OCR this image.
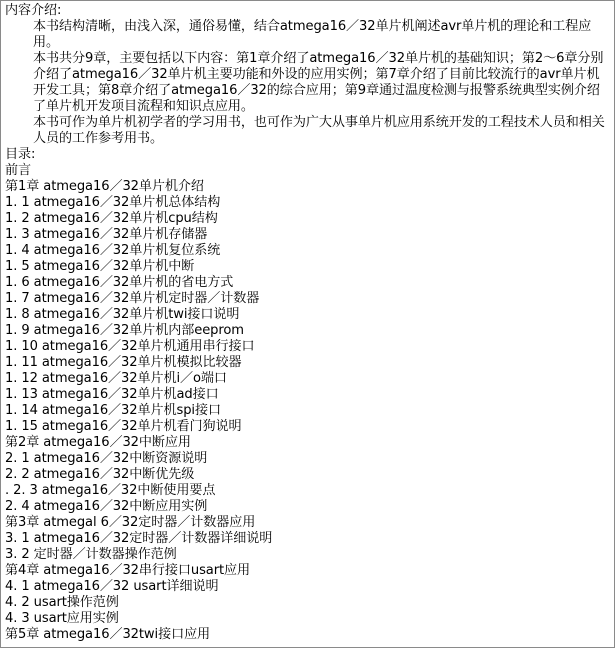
内容介绍:
本书结构清晰，由浅入深，通俗易懂，结合atmega16／32单片机阐述avr单片机的理论和工程应用。
本书共分9章，主要包括以下内容：第1章介绍了atmega16／32单片机的基础知识；第2～6章分别介绍了atmega16／32单片机主要功能和外设的应用实例；第7章介绍了目前比较流行的avr单片机开发工具；第8章介绍了atmega16／32的综合应用；第9章通过温度检测与报警系统典型实例介绍了单片机开发项目流程和知识点应用。
本书可作为单片机初学者的学习用书，也可作为广大从事单片机应用系统开发的工程技术人员和相关人员的工作参考用书。
目录:
前言
第1章 atmega16／32单片机介绍
1. 1 atmega16／32单片机总体结构
1. 2 atmega16／32单片机cpu结构
1. 3 atmega16／32单片机存储器
1. 4 atmega16／32单片机复位系统
1. 5 atmega16／32单片机中断
1. 6 atmega16／32单片机的省电方式
1. 7 atmega16／32单片机定时器／计数器
1. 8 atmega16／32单片机twi接口说明
1. 9 atmega16／32单片机内部eeprom
1. 10 atmega16／32单片机通用串行接口
1. 11 atmega16／32单片机模拟比较器
1. 12 atmega16／32单片机i／o端口
1. 13 atmega16／32单片机ad接口
1. 14 atmega16／32单片机spi接口
1. 15 atmega16／32单片机看门狗说明
第2章 atmega16／32中断应用
2. 1 atmega16／32中断资源说明
2. 2 atmega16／32中断优先级
. 2. 3 atmega16／32中断使用要点
2. 4 atmega16／32中断应用实例
第3章 atmegal 6／32定时器／计数器应用
3. 1 atmega16／32定时器／计数器详细说明
3. 2 定时器／计数器操作范例
第4章 atmega16／32串行接口usart应用
4. 1 atmega16／32 usart详细说明
4. 2 usart操作范例
4. 3 usart应用实例
第5章 atmega16／32twi接口应用
